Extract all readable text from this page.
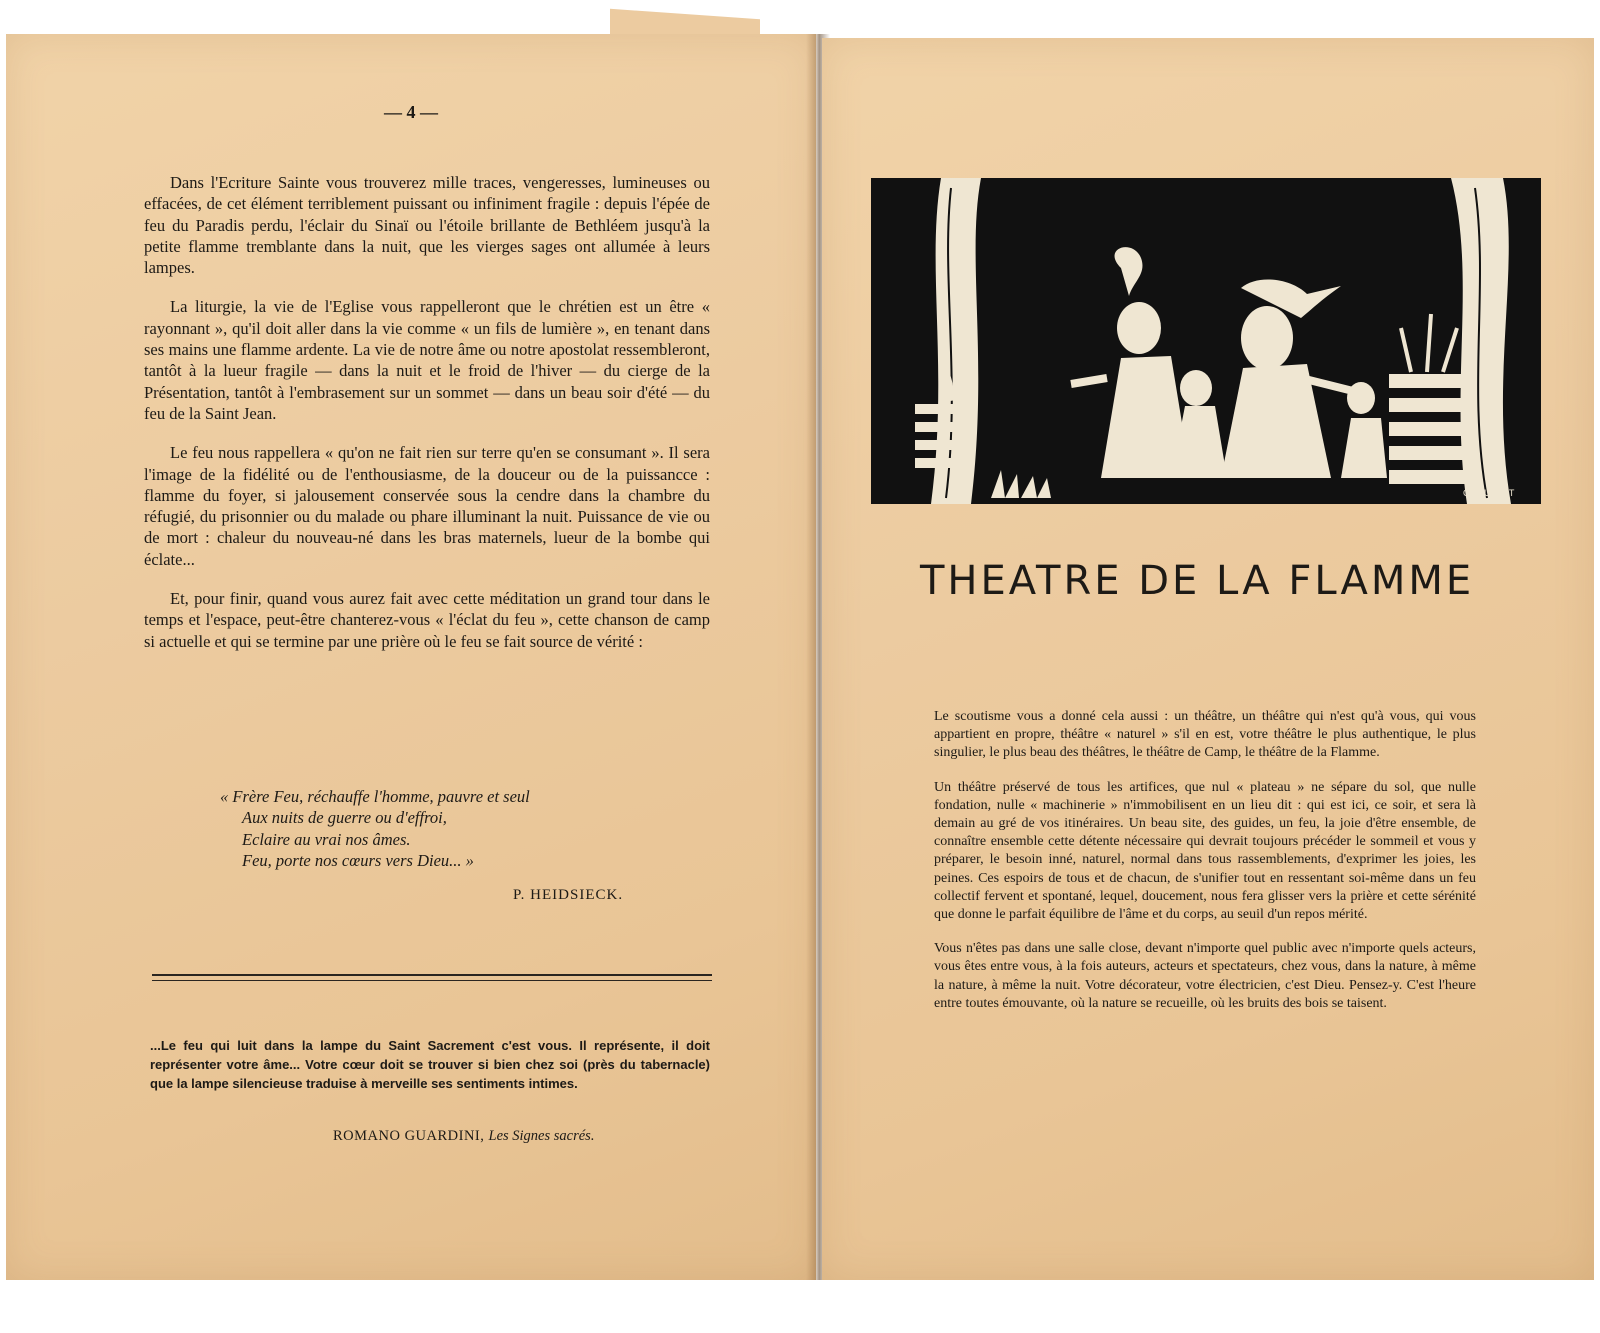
— 4 —

Dans l'Ecriture Sainte vous trouverez mille traces, vengeresses, lumineuses ou effacées, de cet élément terriblement puissant ou infiniment fragile : depuis l'épée de feu du Paradis perdu, l'éclair du Sinaï ou l'étoile brillante de Bethléem jusqu'à la petite flamme tremblante dans la nuit, que les vierges sages ont allumée à leurs lampes.

La liturgie, la vie de l'Eglise vous rappelleront que le chrétien est un être « rayonnant », qu'il doit aller dans la vie comme « un fils de lumière », en tenant dans ses mains une flamme ardente. La vie de notre âme ou notre apostolat ressembleront, tantôt à la lueur fragile — dans la nuit et le froid de l'hiver — du cierge de la Présentation, tantôt à l'embrasement sur un sommet — dans un beau soir d'été — du feu de la Saint Jean.

Le feu nous rappellera « qu'on ne fait rien sur terre qu'en se consumant ». Il sera l'image de la fidélité ou de l'enthousiasme, de la douceur ou de la puissancce : flamme du foyer, si jalousement conservée sous la cendre dans la chambre du réfugié, du prisonnier ou du malade ou phare illuminant la nuit. Puissance de vie ou de mort : chaleur du nouveau-né dans les bras maternels, lueur de la bombe qui éclate...

Et, pour finir, quand vous aurez fait avec cette méditation un grand tour dans le temps et l'espace, peut-être chanterez-vous « l'éclat du feu », cette chanson de camp si actuelle et qui se termine par une prière où le feu se fait source de vérité :

« Frère Feu, réchauffe l'homme, pauvre et seul
Aux nuits de guerre ou d'effroi,
Eclaire au vrai nos âmes.
Feu, porte nos cœurs vers Dieu... »
P. HEIDSIECK.
...Le feu qui luit dans la lampe du Saint Sacrement c'est vous. Il représente, il doit représenter votre âme... Votre cœur doit se trouver si bien chez soi (près du tabernacle) que la lampe silencieuse traduise à merveille ses sentiments intimes.
ROMANO GUARDINI, Les Signes sacrés.
G.JOUBERT
THEATRE DE LA FLAMME

Le scoutisme vous a donné cela aussi : un théâtre, un théâtre qui n'est qu'à vous, qui vous appartient en propre, théâtre « naturel » s'il en est, votre théâtre le plus authentique, le plus singulier, le plus beau des théâtres, le théâtre de Camp, le théâtre de la Flamme.

Un théâtre préservé de tous les artifices, que nul « plateau » ne sépare du sol, que nulle fondation, nulle « machinerie » n'immobilisent en un lieu dit : qui est ici, ce soir, et sera là demain au gré de vos itinéraires. Un beau site, des guides, un feu, la joie d'être ensemble, de connaître ensemble cette détente nécessaire qui devrait toujours précéder le sommeil et vous y préparer, le besoin inné, naturel, normal dans tous rassemblements, d'exprimer les joies, les peines. Ces espoirs de tous et de chacun, de s'unifier tout en ressentant soi-même dans un feu collectif fervent et spontané, lequel, doucement, nous fera glisser vers la prière et cette sérénité que donne le parfait équilibre de l'âme et du corps, au seuil d'un repos mérité.

Vous n'êtes pas dans une salle close, devant n'importe quel public avec n'importe quels acteurs, vous êtes entre vous, à la fois auteurs, acteurs et spectateurs, chez vous, dans la nature, à même la nature, à même la nuit. Votre décorateur, votre électricien, c'est Dieu. Pensez-y. C'est l'heure entre toutes émouvante, où la nature se recueille, où les bruits des bois se taisent.
